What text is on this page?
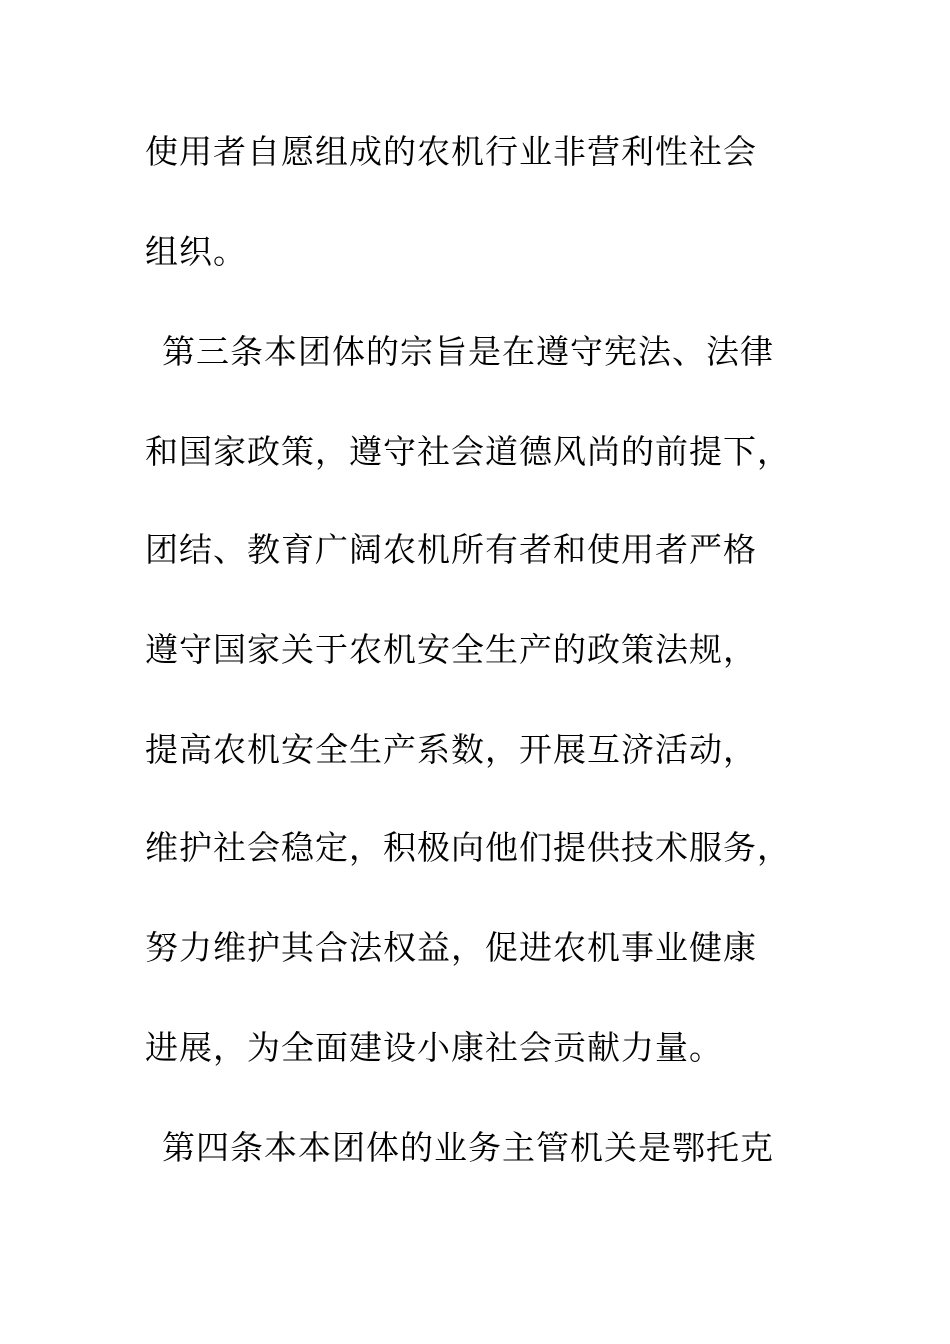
使用者自愿组成的农机行业非营利性社会
组织。
第三条本团体的宗旨是在遵守宪法、法律
和国家政策，遵守社会道德风尚的前提下，
团结、教育广阔农机所有者和使用者严格
遵守国家关于农机安全生产的政策法规，
提高农机安全生产系数，开展互济活动，
维护社会稳定，积极向他们提供技术服务，
努力维护其合法权益，促进农机事业健康
进展，为全面建设小康社会贡献力量。
第四条本本团体的业务主管机关是鄂托克
